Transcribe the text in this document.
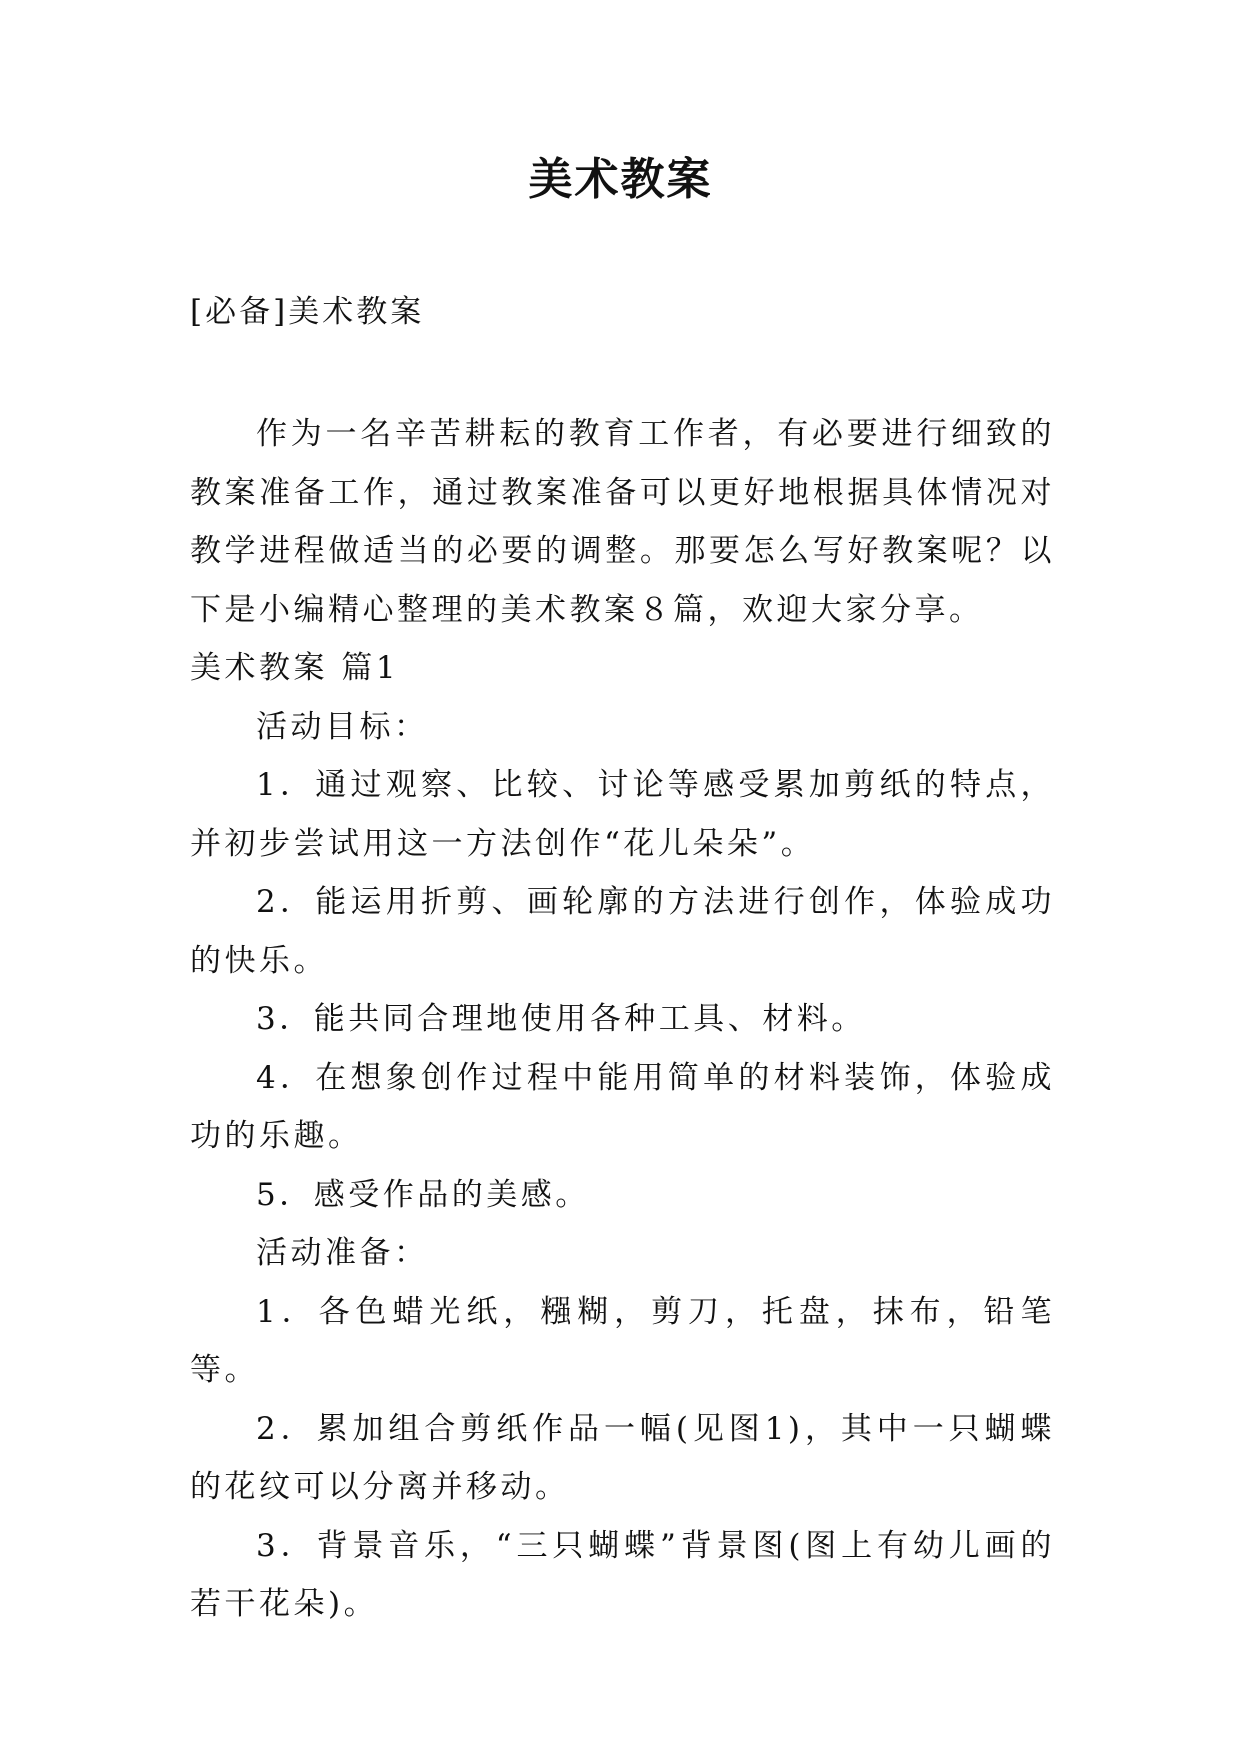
美术教案
[必备]美术教案

作为一名辛苦耕耘的教育工作者，有必要进行细致的教案准备工作，通过教案准备可以更好地根据具体情况对教学进程做适当的必要的调整。那要怎么写好教案呢？以下是小编精心整理的美术教案８篇，欢迎大家分享。

美术教案 篇1

活动目标：

1．通过观察、比较、讨论等感受累加剪纸的特点，并初步尝试用这一方法创作“花儿朵朵”。

2．能运用折剪、画轮廓的方法进行创作，体验成功的快乐。

3．能共同合理地使用各种工具、材料。

4．在想象创作过程中能用简单的材料装饰，体验成功的乐趣。

5．感受作品的美感。

活动准备：

1．各色蜡光纸，糨糊，剪刀，托盘，抹布，铅笔等。

2．累加组合剪纸作品一幅(见图1)，其中一只蝴蝶的花纹可以分离并移动。

3．背景音乐，“三只蝴蝶”背景图(图上有幼儿画的若干花朵)。
